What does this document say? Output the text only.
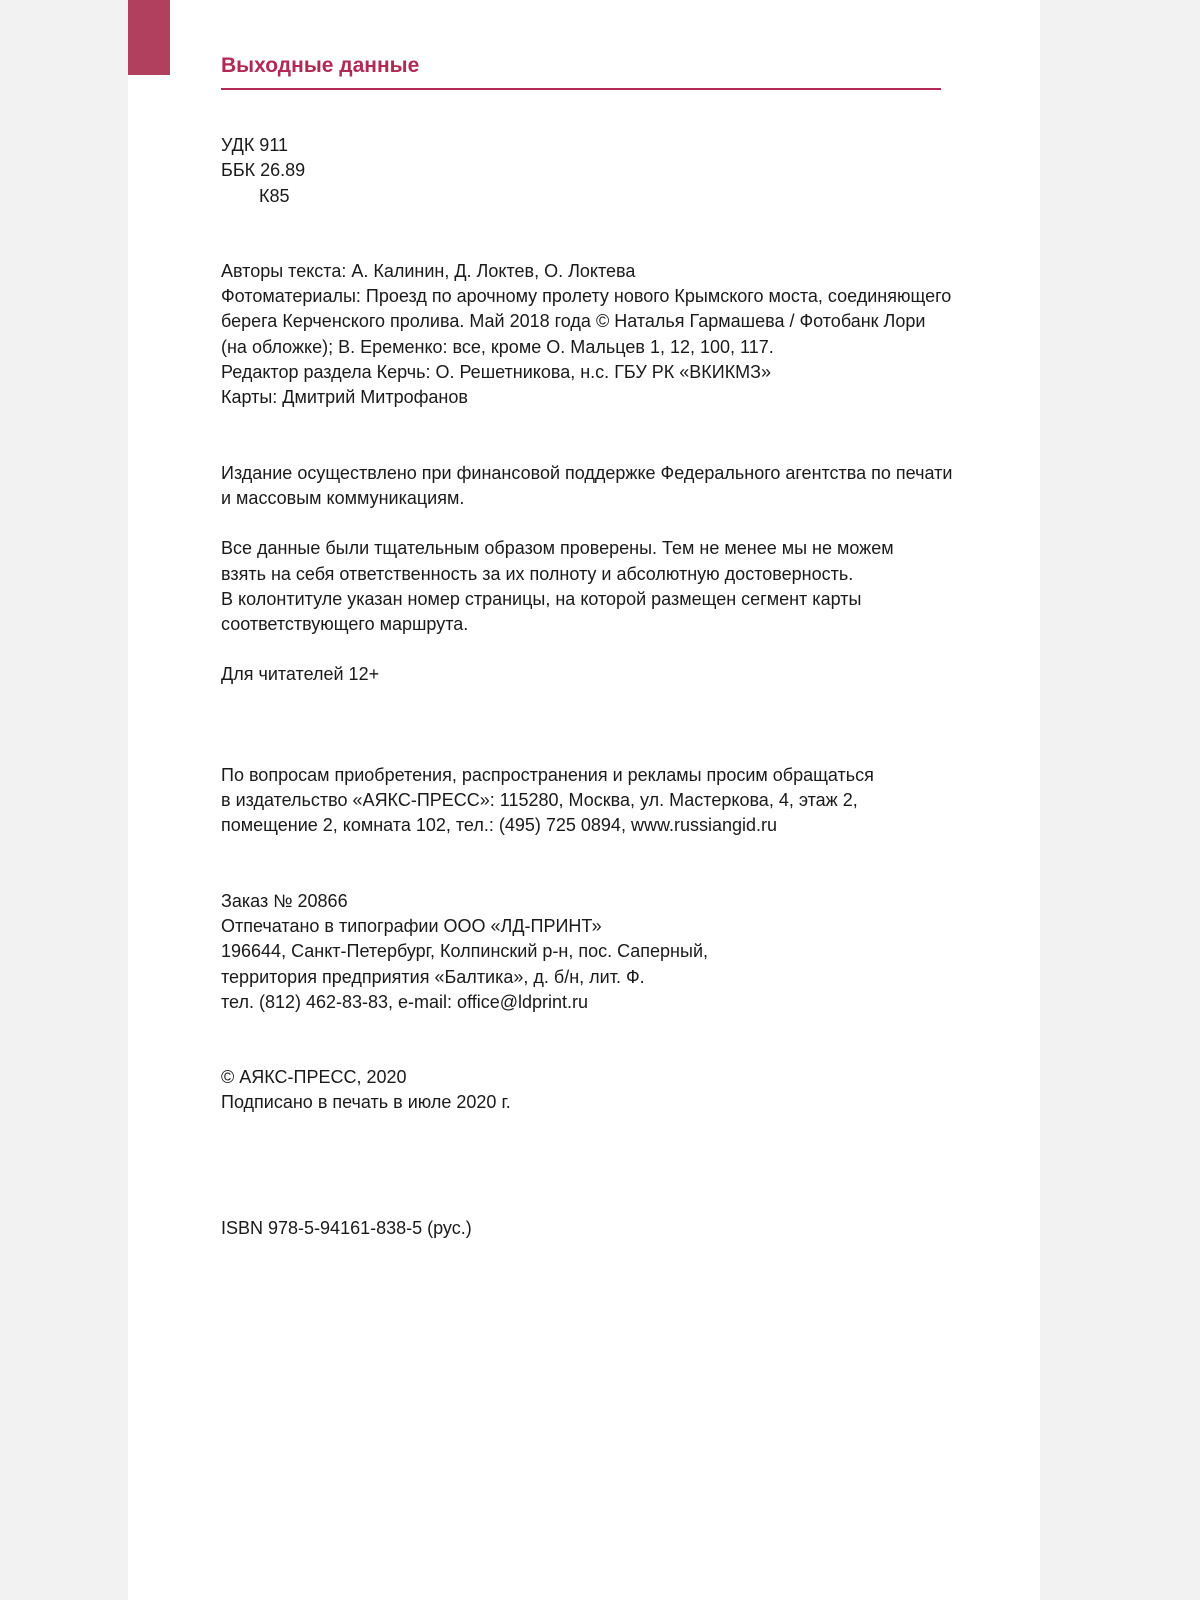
Выходные данные
УДК 911
ББК 26.89
К85
Авторы текста: А. Калинин, Д. Локтев, О. Локтева
Фотоматериалы: Проезд по арочному пролету нового Крымского моста, соединяющего
берега Керченского пролива. Май 2018 года © Наталья Гармашева / Фотобанк Лори
(на обложке); В. Еременко: все, кроме О. Мальцев 1, 12, 100, 117.
Редактор раздела Керчь: О. Решетникова, н.с. ГБУ РК «ВКИКМЗ»
Карты: Дмитрий Митрофанов
Издание осуществлено при финансовой поддержке Федерального агентства по печати
и массовым коммуникациям.
Все данные были тщательным образом проверены. Тем не менее мы не можем
взять на себя ответственность за их полноту и абсолютную достоверность.
В колонтитуле указан номер страницы, на которой размещен сегмент карты
соответствующего маршрута.
Для читателей 12+
По вопросам приобретения, распространения и рекламы просим обращаться
в издательство «АЯКС-ПРЕСС»: 115280, Москва, ул. Мастеркова, 4, этаж 2,
помещение 2, комната 102, тел.: (495) 725 0894, www.russiangid.ru
Заказ № 20866
Отпечатано в типографии ООО «ЛД-ПРИНТ»
196644, Санкт-Петербург, Колпинский р-н, пос. Саперный,
территория предприятия «Балтика», д. б/н, лит. Ф.
тел. (812) 462-83-83, e-mail: office@ldprint.ru
© АЯКС-ПРЕСС, 2020
Подписано в печать в июле 2020 г.
ISBN 978-5-94161-838-5 (рус.)
